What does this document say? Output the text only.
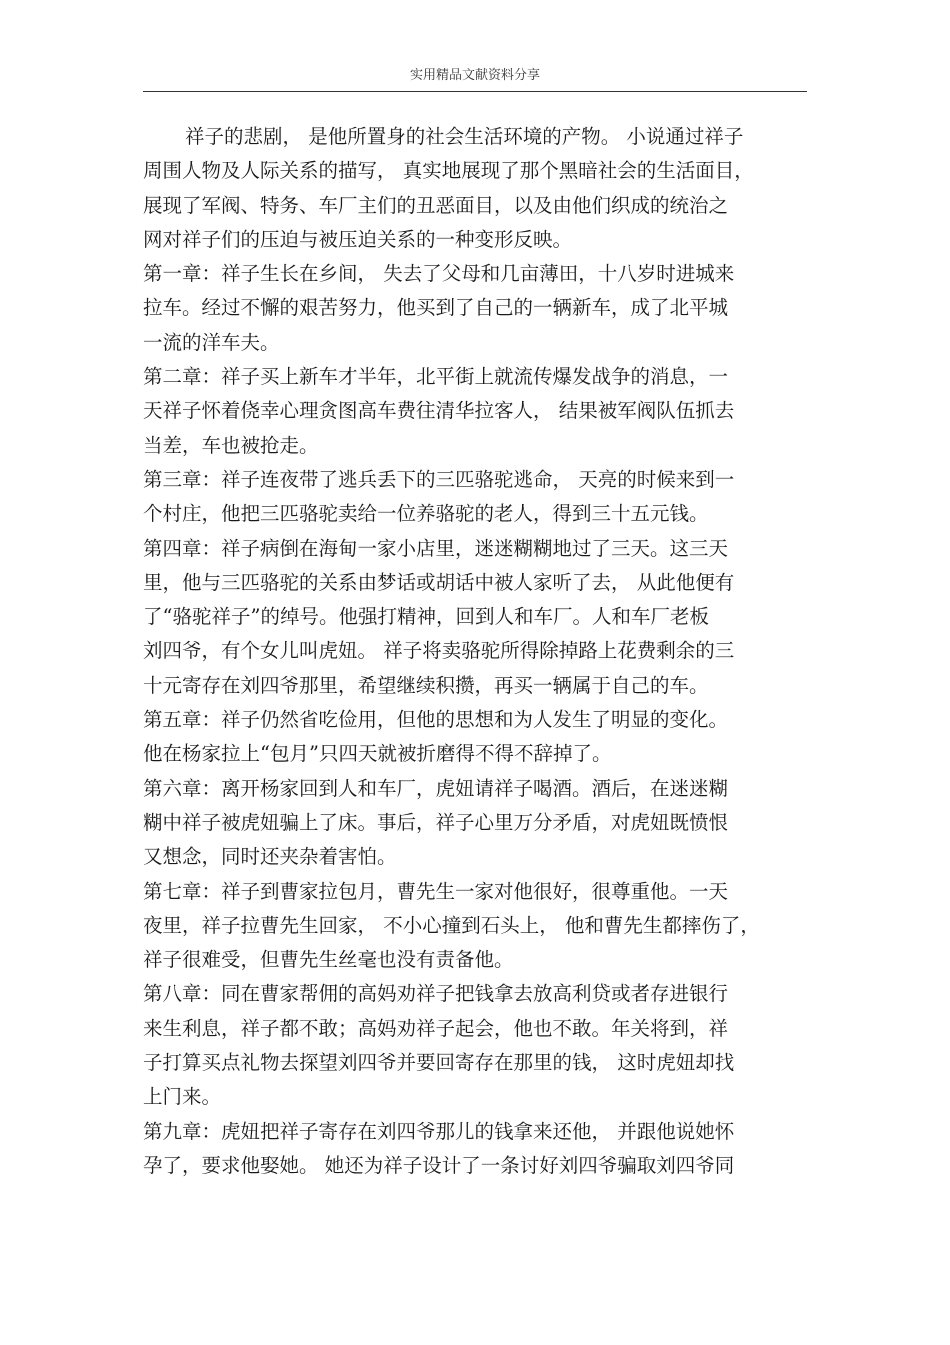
实用精品文献资料分享
祥子的悲剧， 是他所置身的社会生活环境的产物。 小说通过祥子
周围人物及人际关系的描写， 真实地展现了那个黑暗社会的生活面目，
展现了军阀、特务、车厂主们的丑恶面目，以及由他们织成的统治之
网对祥子们的压迫与被压迫关系的一种变形反映。
第一章：祥子生长在乡间， 失去了父母和几亩薄田，十八岁时进城来
拉车。经过不懈的艰苦努力，他买到了自己的一辆新车，成了北平城
一流的洋车夫。
第二章：祥子买上新车才半年，北平街上就流传爆发战争的消息，一
天祥子怀着侥幸心理贪图高车费往清华拉客人， 结果被军阀队伍抓去
当差，车也被抢走。
第三章：祥子连夜带了逃兵丢下的三匹骆驼逃命， 天亮的时候来到一
个村庄，他把三匹骆驼卖给一位养骆驼的老人，得到三十五元钱。
第四章：祥子病倒在海甸一家小店里，迷迷糊糊地过了三天。这三天
里，他与三匹骆驼的关系由梦话或胡话中被人家听了去， 从此他便有
了“骆驼祥子”的绰号。他强打精神，回到人和车厂。人和车厂老板
刘四爷，有个女儿叫虎妞。 祥子将卖骆驼所得除掉路上花费剩余的三
十元寄存在刘四爷那里，希望继续积攒，再买一辆属于自己的车。
第五章：祥子仍然省吃俭用，但他的思想和为人发生了明显的变化。
他在杨家拉上“包月”只四天就被折磨得不得不辞掉了。
第六章：离开杨家回到人和车厂，虎妞请祥子喝酒。酒后，在迷迷糊
糊中祥子被虎妞骗上了床。事后，祥子心里万分矛盾，对虎妞既愤恨
又想念，同时还夹杂着害怕。
第七章：祥子到曹家拉包月，曹先生一家对他很好，很尊重他。一天
夜里，祥子拉曹先生回家， 不小心撞到石头上， 他和曹先生都摔伤了，
祥子很难受，但曹先生丝毫也没有责备他。
第八章：同在曹家帮佣的高妈劝祥子把钱拿去放高利贷或者存进银行
来生利息，祥子都不敢；高妈劝祥子起会，他也不敢。年关将到，祥
子打算买点礼物去探望刘四爷并要回寄存在那里的钱， 这时虎妞却找
上门来。
第九章：虎妞把祥子寄存在刘四爷那儿的钱拿来还他， 并跟他说她怀
孕了，要求他娶她。 她还为祥子设计了一条讨好刘四爷骗取刘四爷同
